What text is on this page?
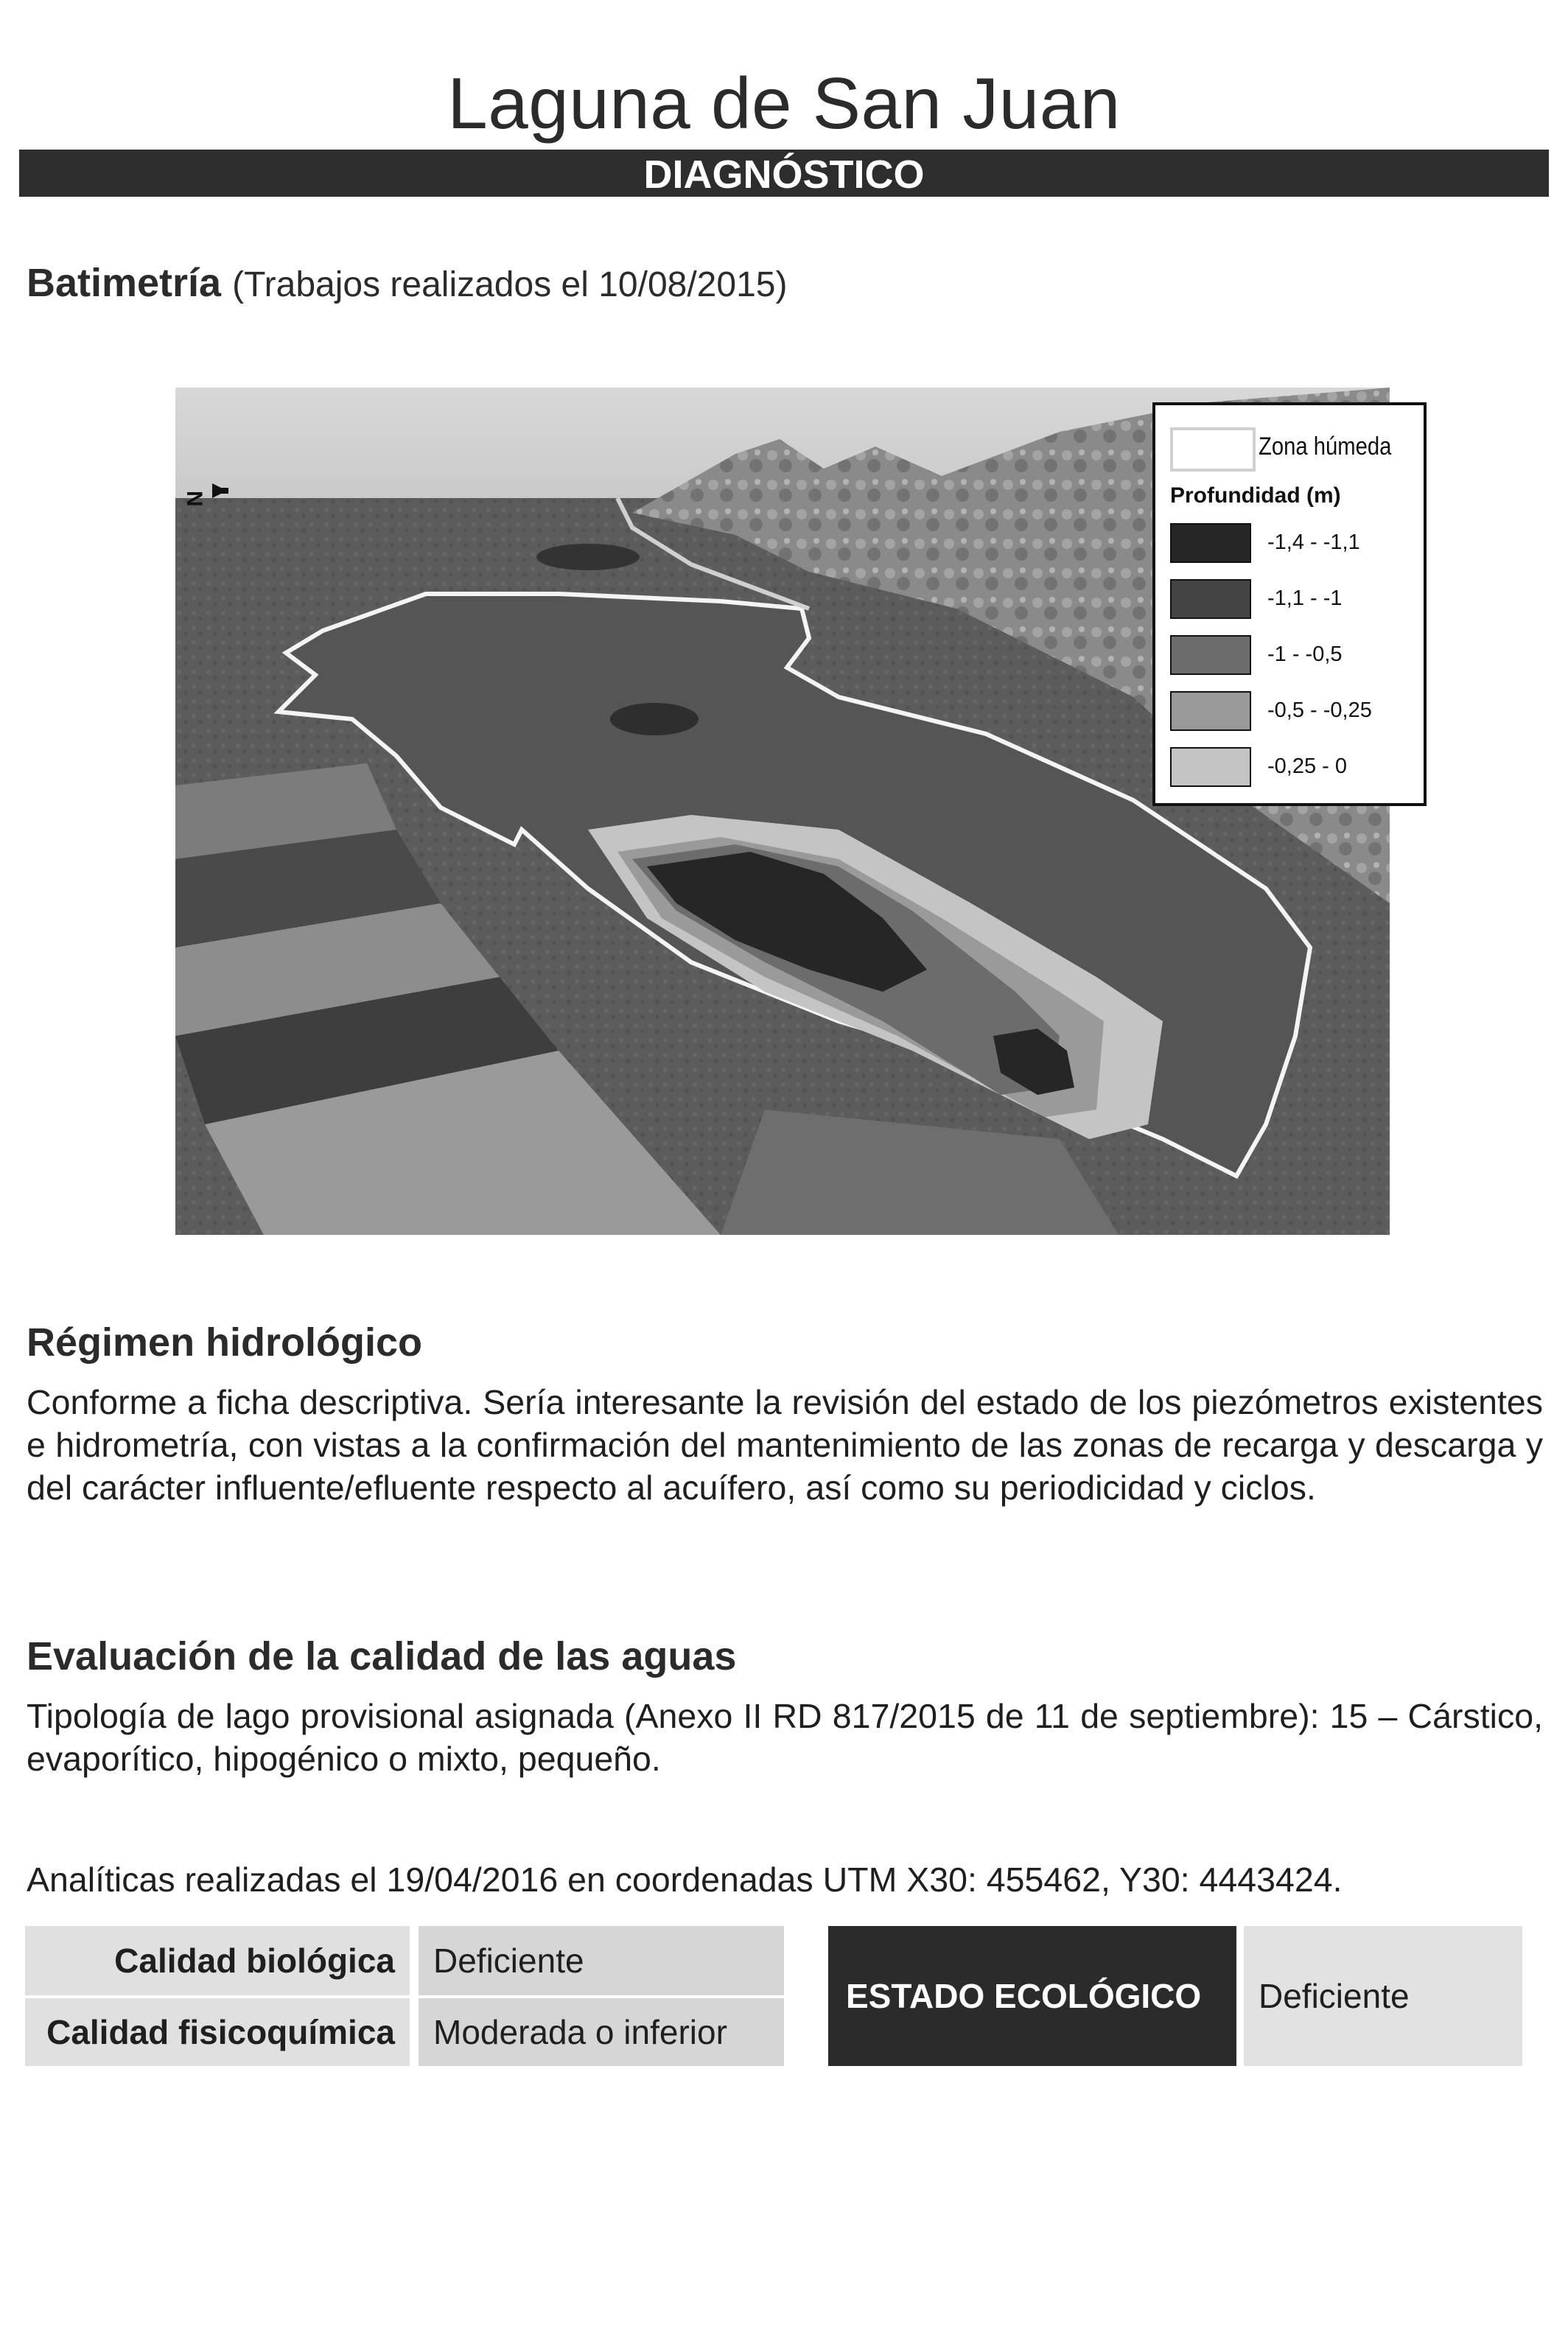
Laguna de San Juan
DIAGNÓSTICO
Batimetría (Trabajos realizados el 10/08/2015)
N
Zona húmeda
Profundidad (m)
-1,4 - -1,1
-1,1 - -1
-1 - -0,5
-0,5 - -0,25
-0,25 - 0
Régimen hidrológico
Conforme a ficha descriptiva. Sería interesante la revisión del estado de los piezómetros existentes e hidrometría, con vistas a la confirmación del mantenimiento de las zonas de recarga y descarga y del carácter influente/efluente respecto al acuífero, así como su periodicidad y ciclos.
Evaluación de la calidad de las aguas
Tipología de lago provisional asignada (Anexo II RD 817/2015 de 11 de septiembre): 15 – Cárstico, evaporítico, hipogénico o mixto, pequeño.
Analíticas realizadas el 19/04/2016 en coordenadas UTM X30: 455462, Y30: 4443424.
Calidad biológica	Deficiente
Calidad fisicoquímica	Moderada o inferior
ESTADO ECOLÓGICO	Deficiente
